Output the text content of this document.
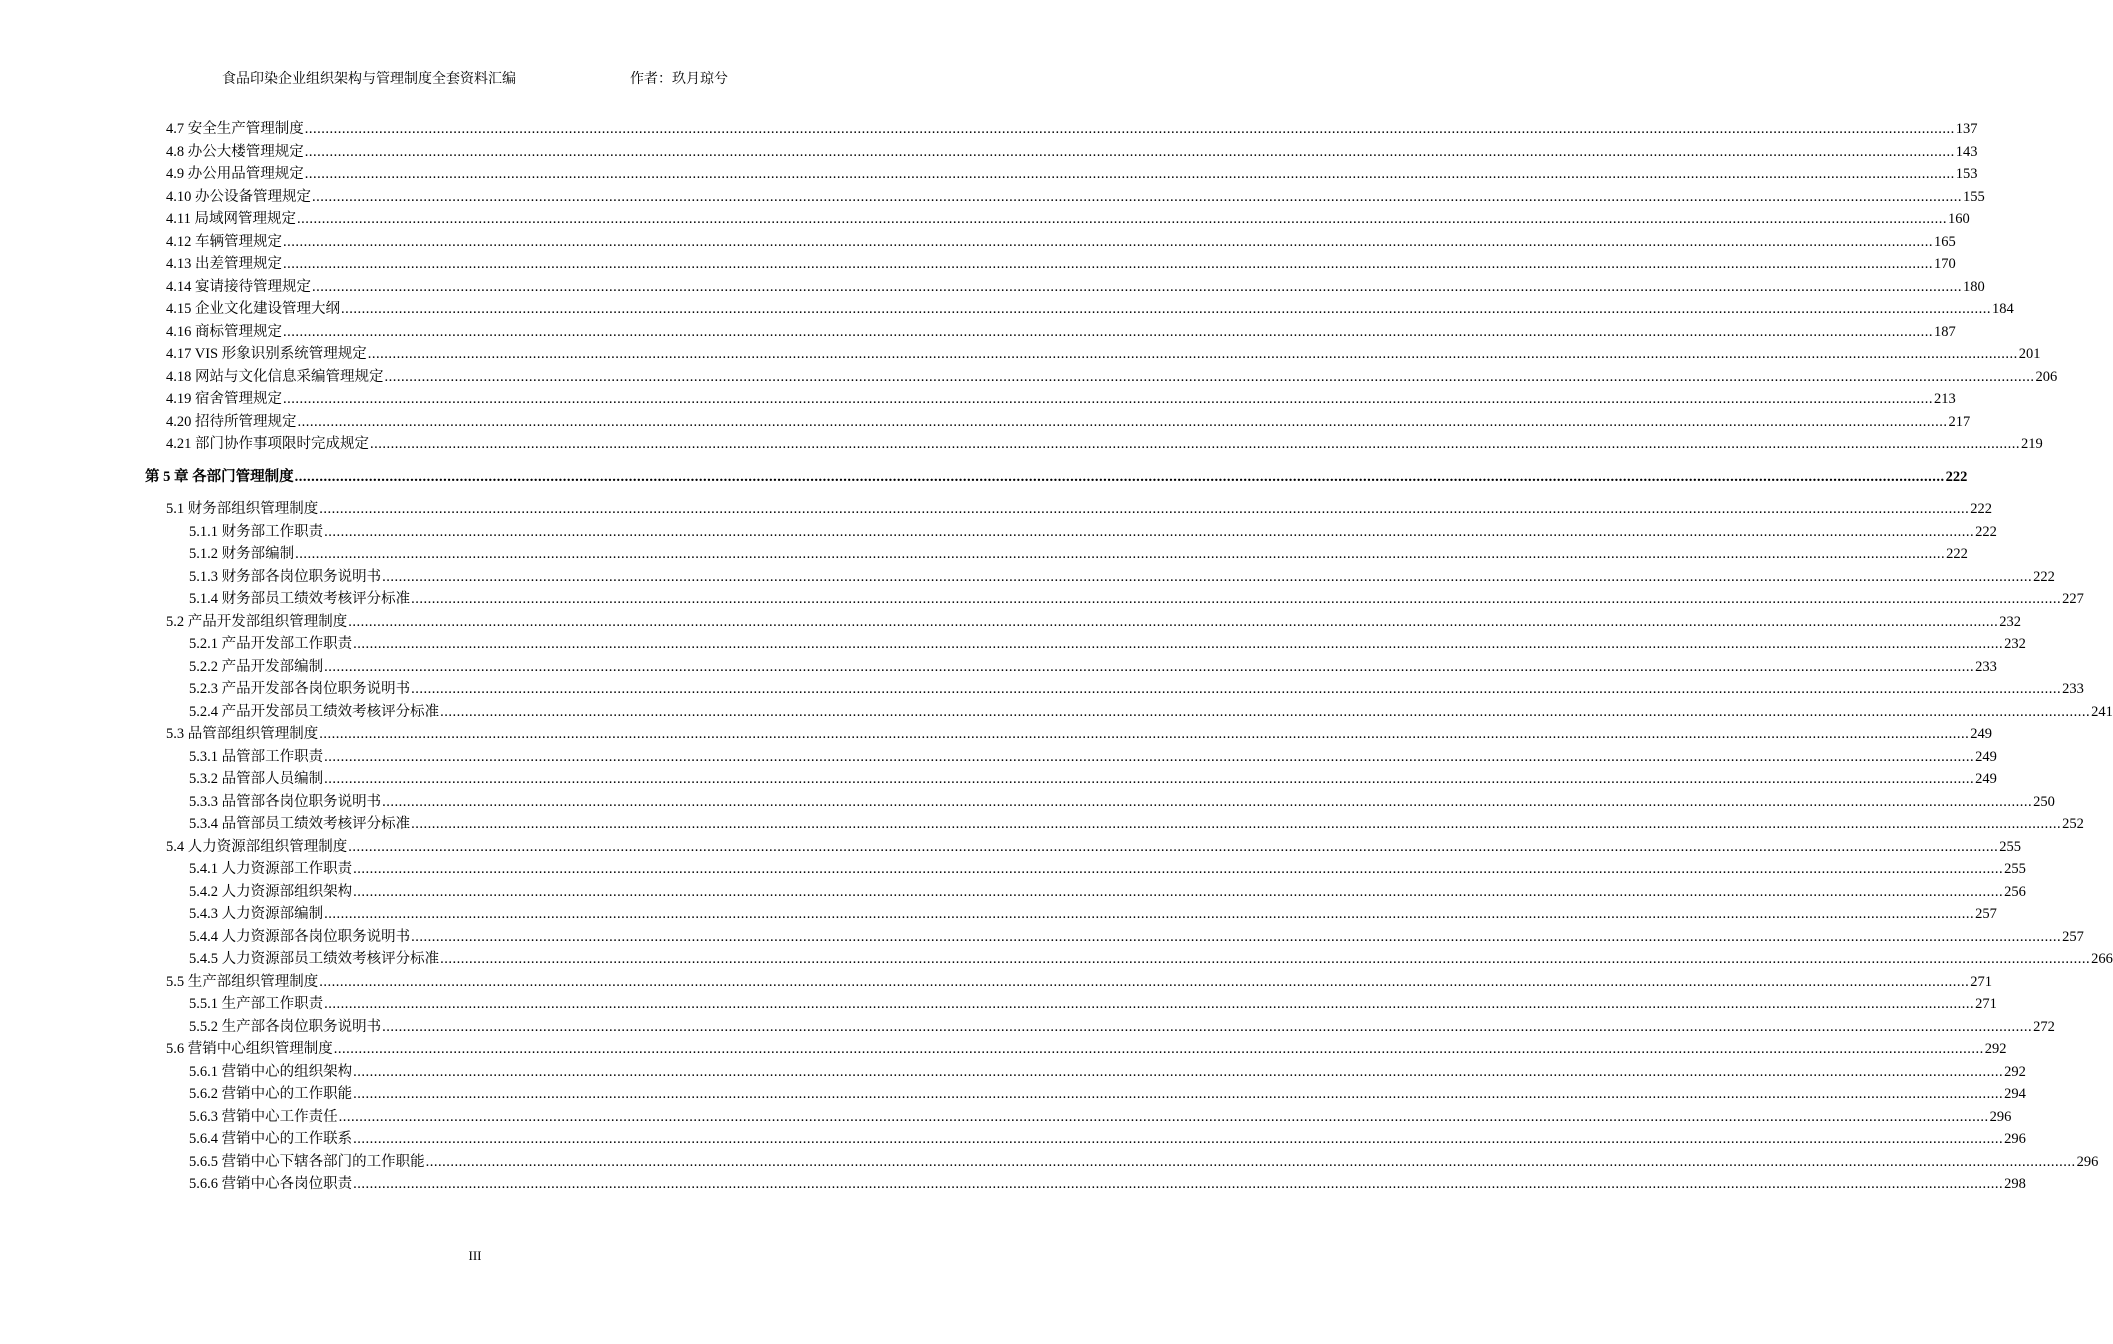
食品印染企业组织架构与管理制度全套资料汇编	作者：玖月琼兮
4.7 安全生产管理制度 ................................................................................................................................................................................................................................................................................................................................................................................................................ 137
4.8 办公大楼管理规定 ................................................................................................................................................................................................................................................................................................................................................................................................................ 143
4.9 办公用品管理规定 ................................................................................................................................................................................................................................................................................................................................................................................................................ 153
4.10 办公设备管理规定 ................................................................................................................................................................................................................................................................................................................................................................................................................ 155
4.11 局域网管理规定 ................................................................................................................................................................................................................................................................................................................................................................................................................ 160
4.12 车辆管理规定 ................................................................................................................................................................................................................................................................................................................................................................................................................ 165
4.13 出差管理规定 ................................................................................................................................................................................................................................................................................................................................................................................................................ 170
4.14 宴请接待管理规定 ................................................................................................................................................................................................................................................................................................................................................................................................................ 180
4.15 企业文化建设管理大纲 ................................................................................................................................................................................................................................................................................................................................................................................................................ 184
4.16 商标管理规定 ................................................................................................................................................................................................................................................................................................................................................................................................................ 187
4.17 VIS 形象识别系统管理规定 ................................................................................................................................................................................................................................................................................................................................................................................................................ 201
4.18 网站与文化信息采编管理规定 ................................................................................................................................................................................................................................................................................................................................................................................................................ 206
4.19 宿舍管理规定 ................................................................................................................................................................................................................................................................................................................................................................................................................ 213
4.20 招待所管理规定 ................................................................................................................................................................................................................................................................................................................................................................................................................ 217
4.21 部门协作事项限时完成规定 ................................................................................................................................................................................................................................................................................................................................................................................................................ 219
第 5 章 各部门管理制度 ................................................................................................................................................................................................................................................................................................................................................................................................................ 222
5.1 财务部组织管理制度 ................................................................................................................................................................................................................................................................................................................................................................................................................ 222
5.1.1 财务部工作职责 ................................................................................................................................................................................................................................................................................................................................................................................................................ 222
5.1.2 财务部编制 ................................................................................................................................................................................................................................................................................................................................................................................................................ 222
5.1.3 财务部各岗位职务说明书 ................................................................................................................................................................................................................................................................................................................................................................................................................ 222
5.1.4 财务部员工绩效考核评分标准 ................................................................................................................................................................................................................................................................................................................................................................................................................ 227
5.2 产品开发部组织管理制度 ................................................................................................................................................................................................................................................................................................................................................................................................................ 232
5.2.1 产品开发部工作职责 ................................................................................................................................................................................................................................................................................................................................................................................................................ 232
5.2.2 产品开发部编制 ................................................................................................................................................................................................................................................................................................................................................................................................................ 233
5.2.3 产品开发部各岗位职务说明书 ................................................................................................................................................................................................................................................................................................................................................................................................................ 233
5.2.4 产品开发部员工绩效考核评分标准 ................................................................................................................................................................................................................................................................................................................................................................................................................ 241
5.3 品管部组织管理制度 ................................................................................................................................................................................................................................................................................................................................................................................................................ 249
5.3.1 品管部工作职责 ................................................................................................................................................................................................................................................................................................................................................................................................................ 249
5.3.2 品管部人员编制 ................................................................................................................................................................................................................................................................................................................................................................................................................ 249
5.3.3 品管部各岗位职务说明书 ................................................................................................................................................................................................................................................................................................................................................................................................................ 250
5.3.4 品管部员工绩效考核评分标准 ................................................................................................................................................................................................................................................................................................................................................................................................................ 252
5.4 人力资源部组织管理制度 ................................................................................................................................................................................................................................................................................................................................................................................................................ 255
5.4.1 人力资源部工作职责 ................................................................................................................................................................................................................................................................................................................................................................................................................ 255
5.4.2 人力资源部组织架构 ................................................................................................................................................................................................................................................................................................................................................................................................................ 256
5.4.3 人力资源部编制 ................................................................................................................................................................................................................................................................................................................................................................................................................ 257
5.4.4 人力资源部各岗位职务说明书 ................................................................................................................................................................................................................................................................................................................................................................................................................ 257
5.4.5 人力资源部员工绩效考核评分标准 ................................................................................................................................................................................................................................................................................................................................................................................................................ 266
5.5 生产部组织管理制度 ................................................................................................................................................................................................................................................................................................................................................................................................................ 271
5.5.1 生产部工作职责 ................................................................................................................................................................................................................................................................................................................................................................................................................ 271
5.5.2 生产部各岗位职务说明书 ................................................................................................................................................................................................................................................................................................................................................................................................................ 272
5.6 营销中心组织管理制度 ................................................................................................................................................................................................................................................................................................................................................................................................................ 292
5.6.1 营销中心的组织架构 ................................................................................................................................................................................................................................................................................................................................................................................................................ 292
5.6.2 营销中心的工作职能 ................................................................................................................................................................................................................................................................................................................................................................................................................ 294
5.6.3 营销中心工作责任 ................................................................................................................................................................................................................................................................................................................................................................................................................ 296
5.6.4 营销中心的工作联系 ................................................................................................................................................................................................................................................................................................................................................................................................................ 296
5.6.5 营销中心下辖各部门的工作职能 ................................................................................................................................................................................................................................................................................................................................................................................................................ 296
5.6.6 营销中心各岗位职责 ................................................................................................................................................................................................................................................................................................................................................................................................................ 298
III
